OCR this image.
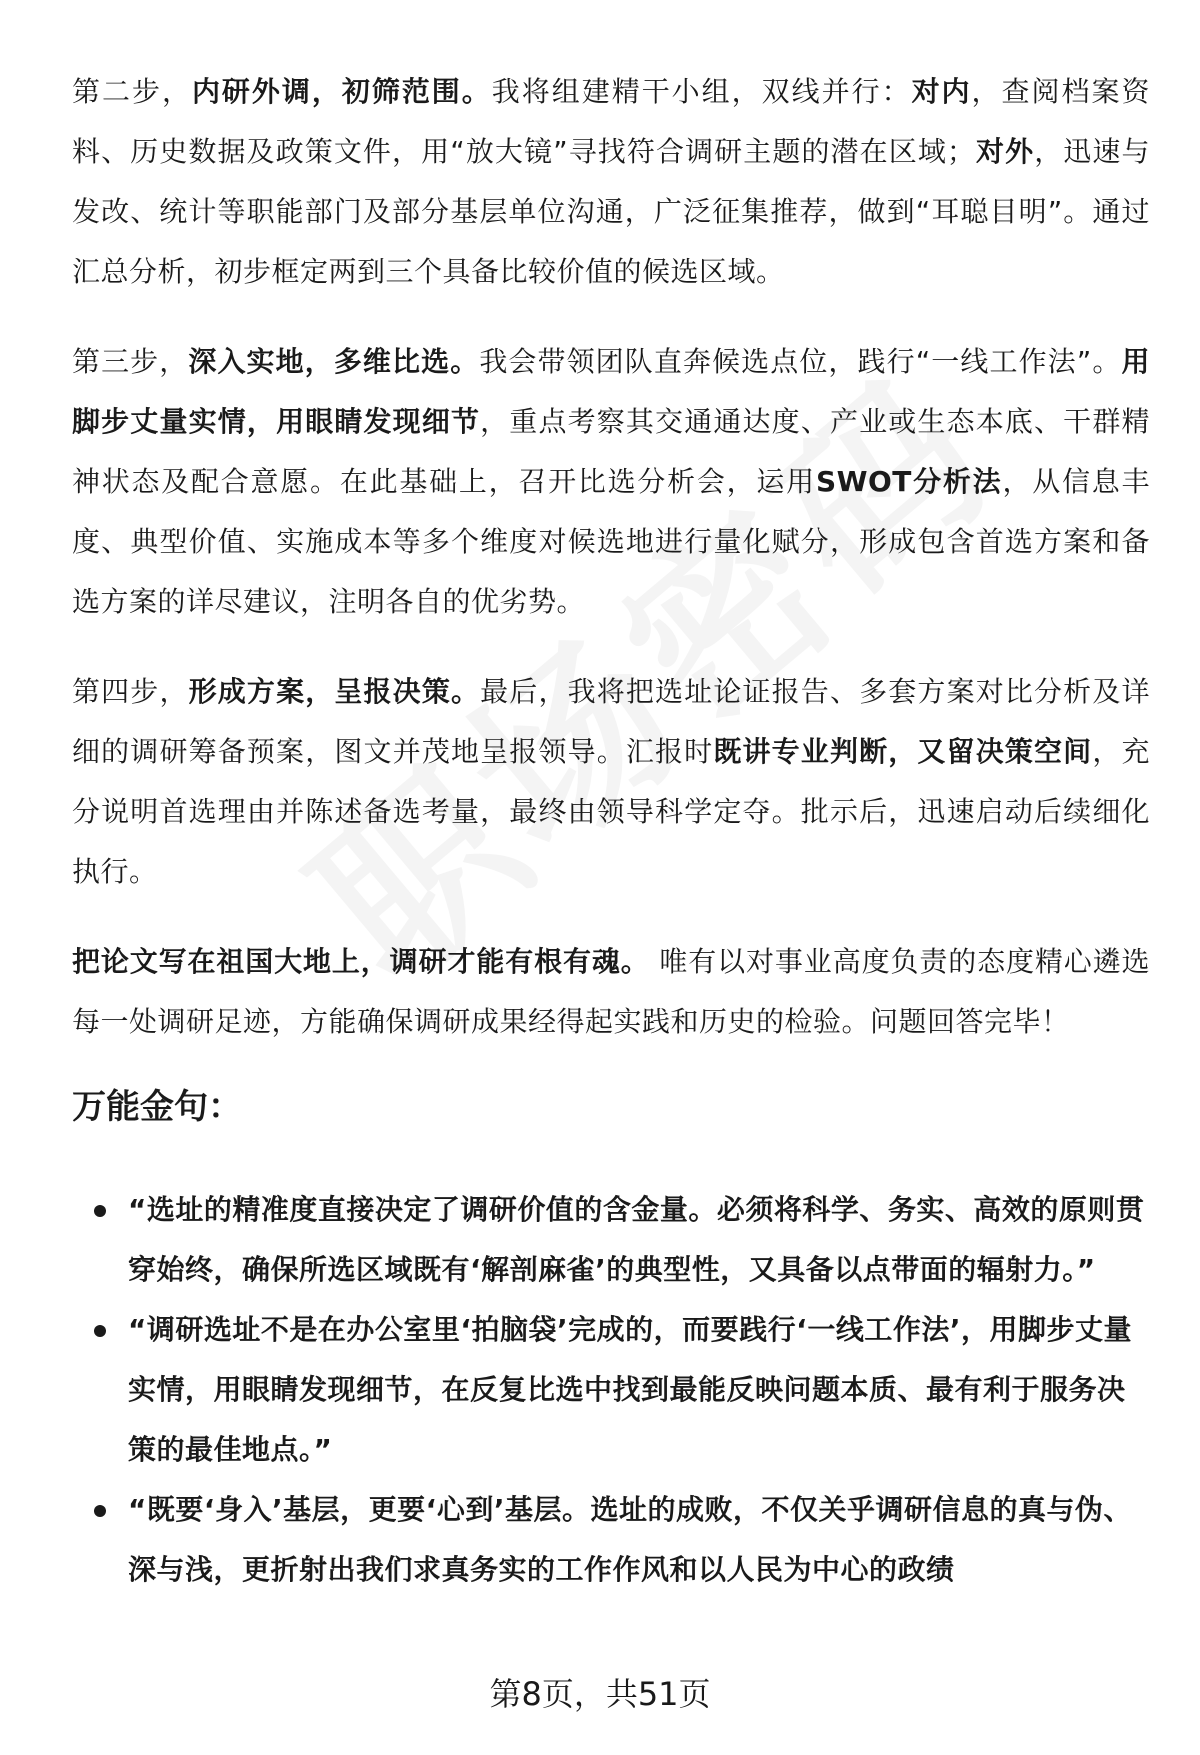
第二步，内研外调，初筛范围。我将组建精干小组，双线并行：对内，查阅档案资料、历史数据及政策文件，用“放大镜”寻找符合调研主题的潜在区域；对外，迅速与发改、统计等职能部门及部分基层单位沟通，广泛征集推荐，做到“耳聪目明”。通过汇总分析，初步框定两到三个具备比较价值的候选区域。

第三步，深入实地，多维比选。我会带领团队直奔候选点位，践行“一线工作法”。用脚步丈量实情，用眼睛发现细节，重点考察其交通通达度、产业或生态本底、干群精神状态及配合意愿。在此基础上，召开比选分析会，运用SWOT分析法，从信息丰度、典型价值、实施成本等多个维度对候选地进行量化赋分，形成包含首选方案和备选方案的详尽建议，注明各自的优劣势。

第四步，形成方案，呈报决策。最后，我将把选址论证报告、多套方案对比分析及详细的调研筹备预案，图文并茂地呈报领导。汇报时既讲专业判断，又留决策空间，充分说明首选理由并陈述备选考量，最终由领导科学定夺。批示后，迅速启动后续细化执行。

把论文写在祖国大地上，调研才能有根有魂。 唯有以对事业高度负责的态度精心遴选每一处调研足迹，方能确保调研成果经得起实践和历史的检验。问题回答完毕！

万能金句：
“选址的精准度直接决定了调研价值的含金量。必须将科学、务实、高效的原则贯穿始终，确保所选区域既有‘解剖麻雀’的典型性，又具备以点带面的辐射力。”
“调研选址不是在办公室里‘拍脑袋’完成的，而要践行‘一线工作法’，用脚步丈量实情，用眼睛发现细节，在反复比选中找到最能反映问题本质、最有利于服务决策的最佳地点。”
“既要‘身入’基层，更要‘心到’基层。选址的成败，不仅关乎调研信息的真与伪、深与浅，更折射出我们求真务实的工作作风和以人民为中心的政绩
第8页，共51页
